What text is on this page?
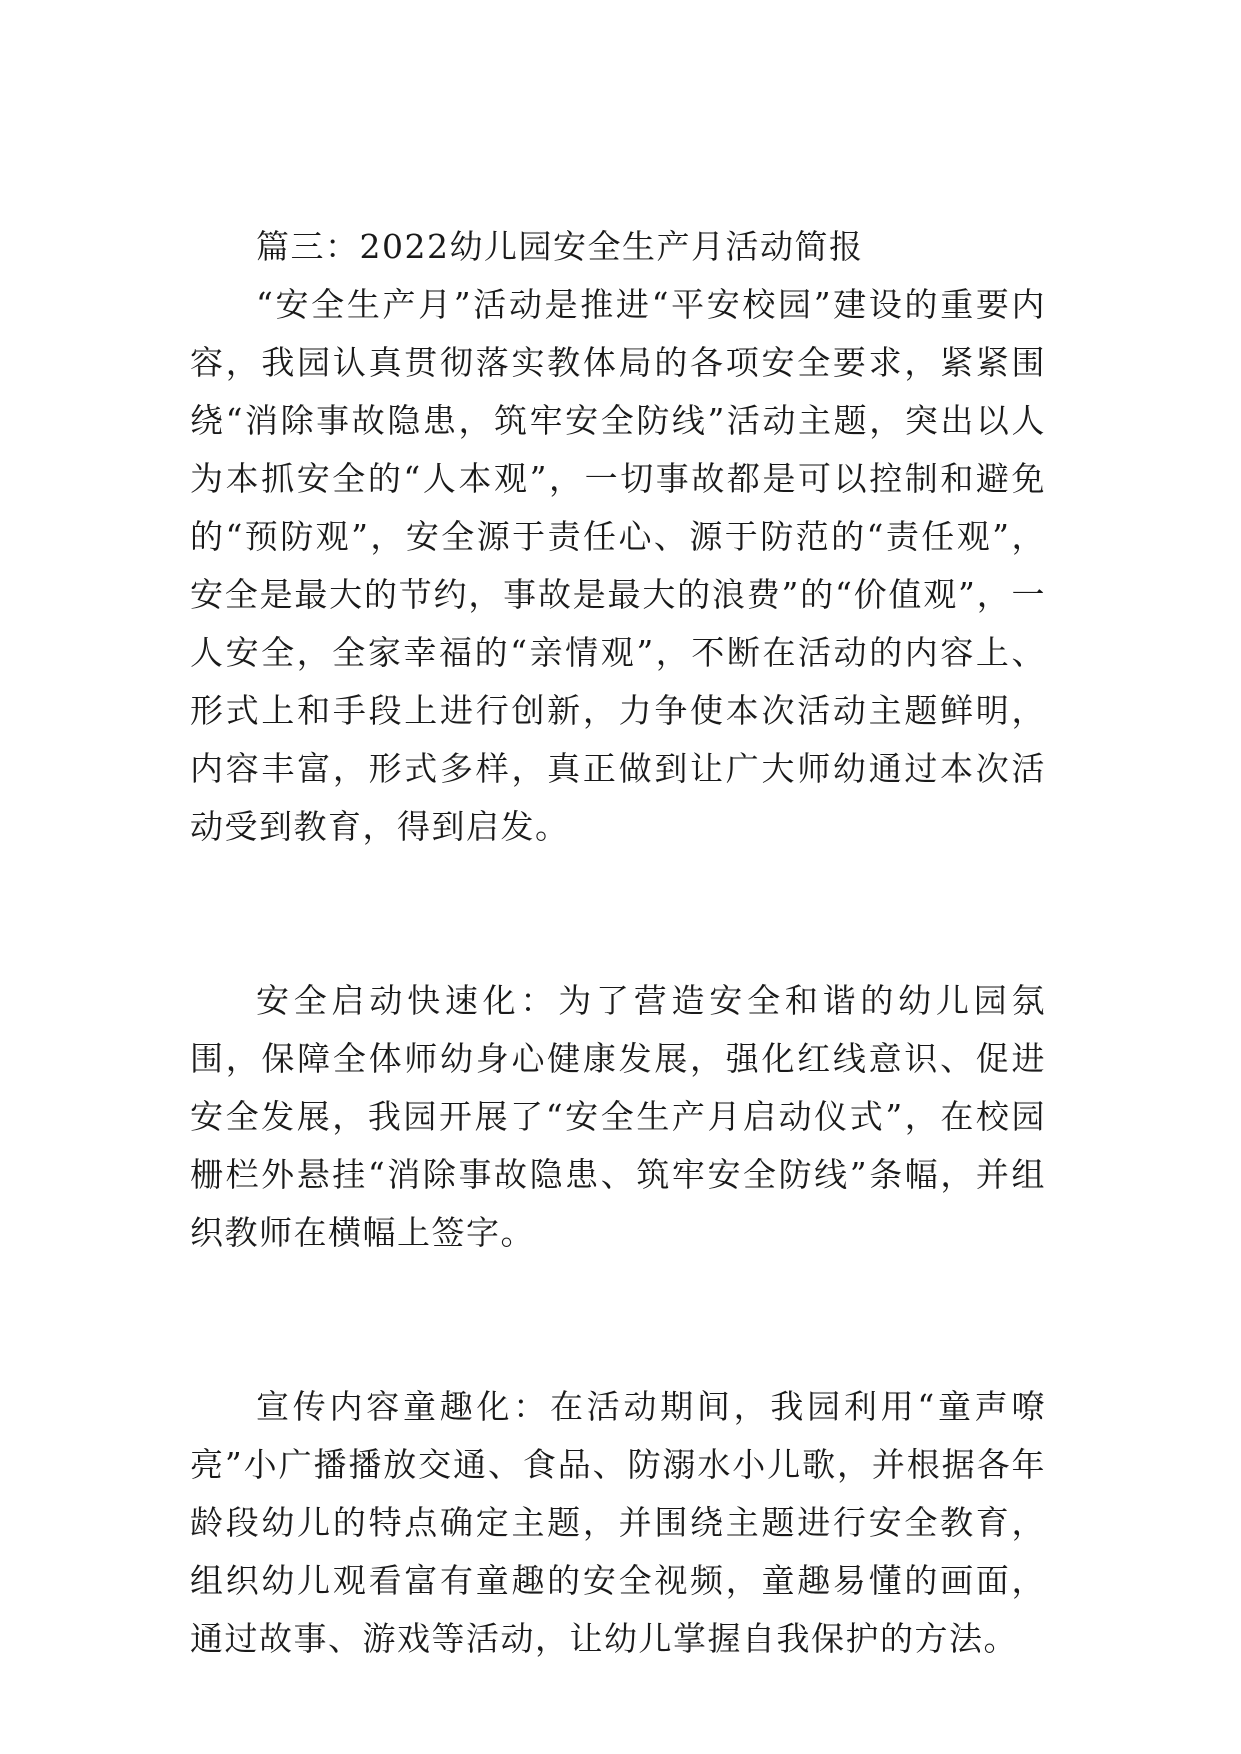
篇三：2022幼儿园安全生产月活动简报

“安全生产月”活动是推进“平安校园”建设的重要内容，我园认真贯彻落实教体局的各项安全要求，紧紧围绕“消除事故隐患，筑牢安全防线”活动主题，突出以人为本抓安全的“人本观”，一切事故都是可以控制和避免的“预防观”，安全源于责任心、源于防范的“责任观”，安全是最大的节约，事故是最大的浪费”的“价值观”，一人安全，全家幸福的“亲情观”，不断在活动的内容上、形式上和手段上进行创新，力争使本次活动主题鲜明，内容丰富，形式多样，真正做到让广大师幼通过本次活动受到教育，得到启发。

安全启动快速化：为了营造安全和谐的幼儿园氛围，保障全体师幼身心健康发展，强化红线意识、促进安全发展，我园开展了“安全生产月启动仪式”，在校园栅栏外悬挂“消除事故隐患、筑牢安全防线”条幅，并组织教师在横幅上签字。

宣传内容童趣化：在活动期间，我园利用“童声嘹亮”小广播播放交通、食品、防溺水小儿歌，并根据各年龄段幼儿的特点确定主题，并围绕主题进行安全教育，组织幼儿观看富有童趣的安全视频，童趣易懂的画面，通过故事、游戏等活动，让幼儿掌握自我保护的方法。
